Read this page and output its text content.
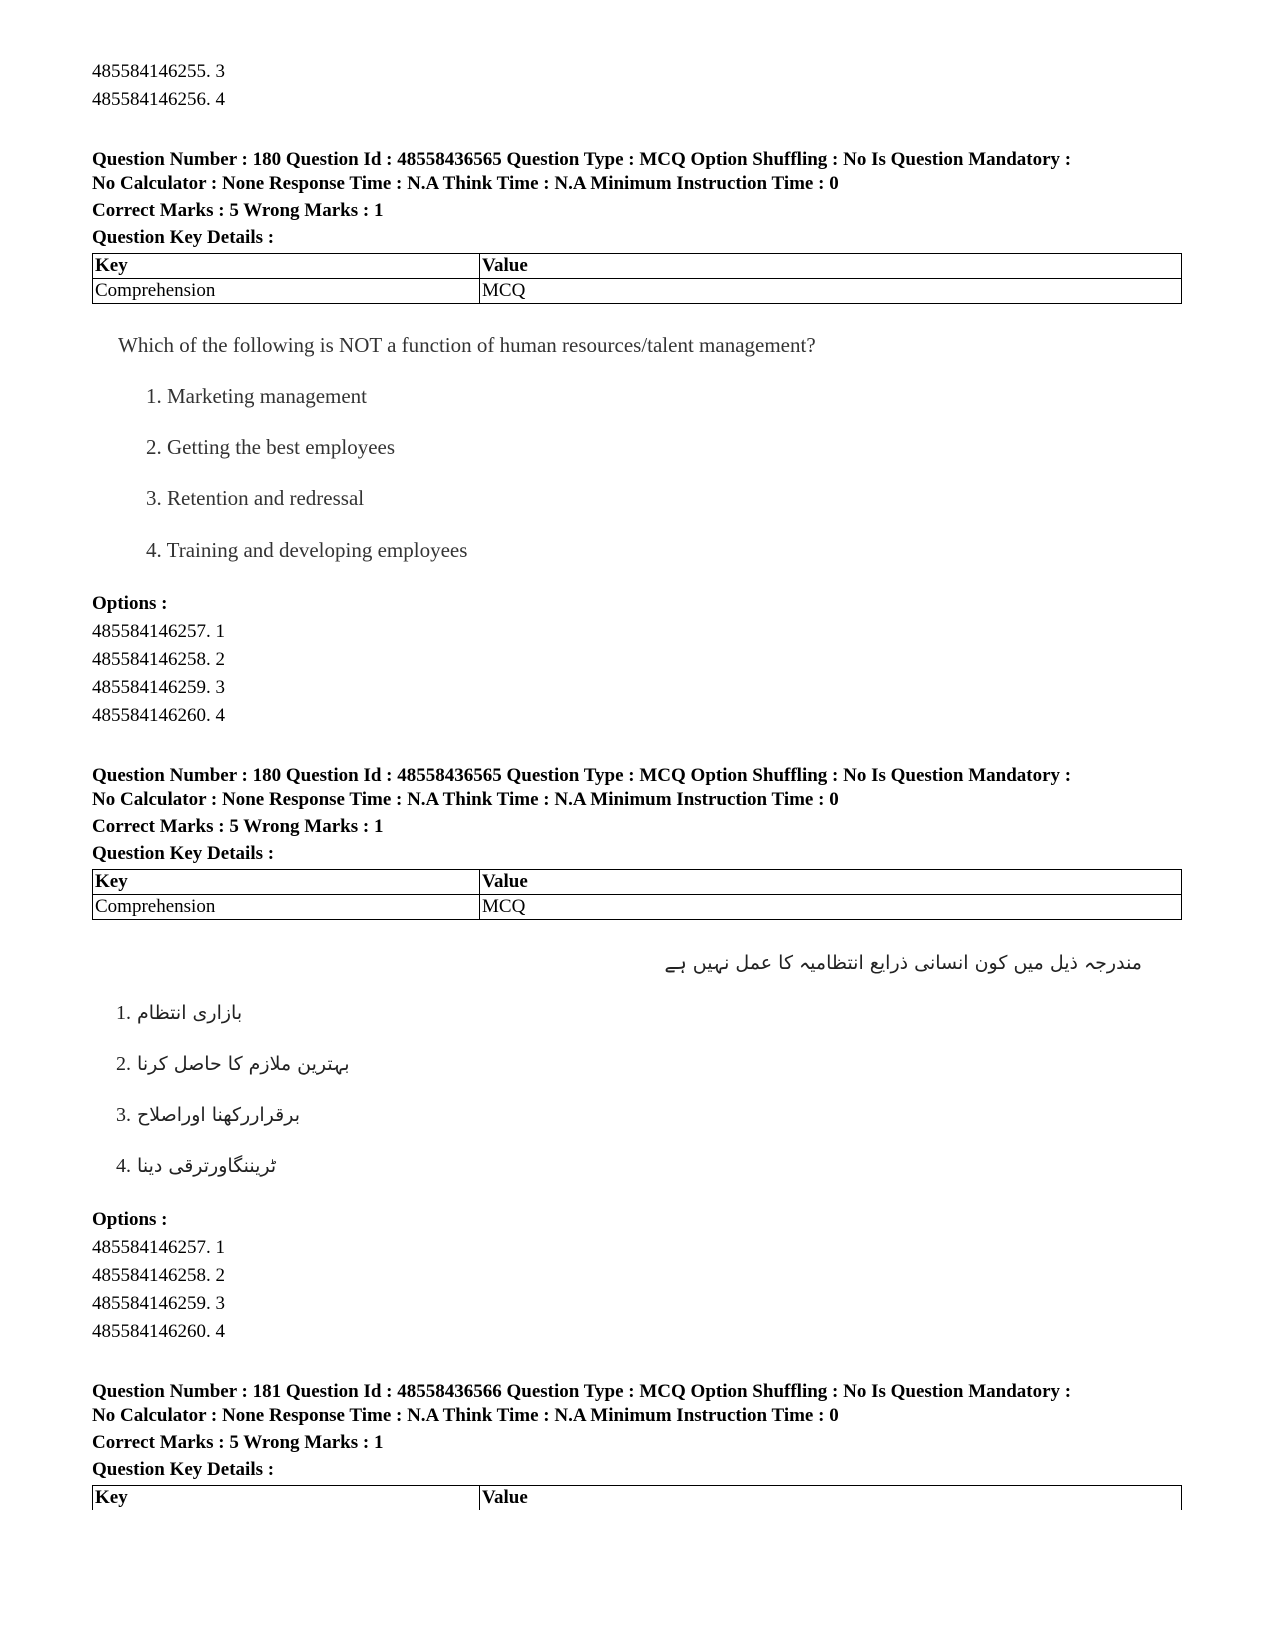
485584146255. 3
485584146256. 4
Question Number : 180 Question Id : 48558436565 Question Type : MCQ Option Shuffling : No Is Question Mandatory :
No Calculator : None Response Time : N.A Think Time : N.A Minimum Instruction Time : 0
Correct Marks : 5 Wrong Marks : 1
Question Key Details :
Key	Value
Comprehension	MCQ
Which of the following is NOT a function of human resources/talent management?
1. Marketing management
2. Getting the best employees
3. Retention and redressal
4. Training and developing employees
Options :
485584146257. 1
485584146258. 2
485584146259. 3
485584146260. 4
Question Number : 180 Question Id : 48558436565 Question Type : MCQ Option Shuffling : No Is Question Mandatory :
No Calculator : None Response Time : N.A Think Time : N.A Minimum Instruction Time : 0
Correct Marks : 5 Wrong Marks : 1
Question Key Details :
Key	Value
Comprehension	MCQ
مندرجہ ذیل میں کون انسانی ذرایع انتظامیہ کا عمل نہیں ہے
1. بازاری انتظام
2. بہترین ملازم کا حاصل کرنا
3. برقراررکھنا اوراصلاح
4. ٹریننگاورترقی دینا
Options :
485584146257. 1
485584146258. 2
485584146259. 3
485584146260. 4
Question Number : 181 Question Id : 48558436566 Question Type : MCQ Option Shuffling : No Is Question Mandatory :
No Calculator : None Response Time : N.A Think Time : N.A Minimum Instruction Time : 0
Correct Marks : 5 Wrong Marks : 1
Question Key Details :
Key	Value
